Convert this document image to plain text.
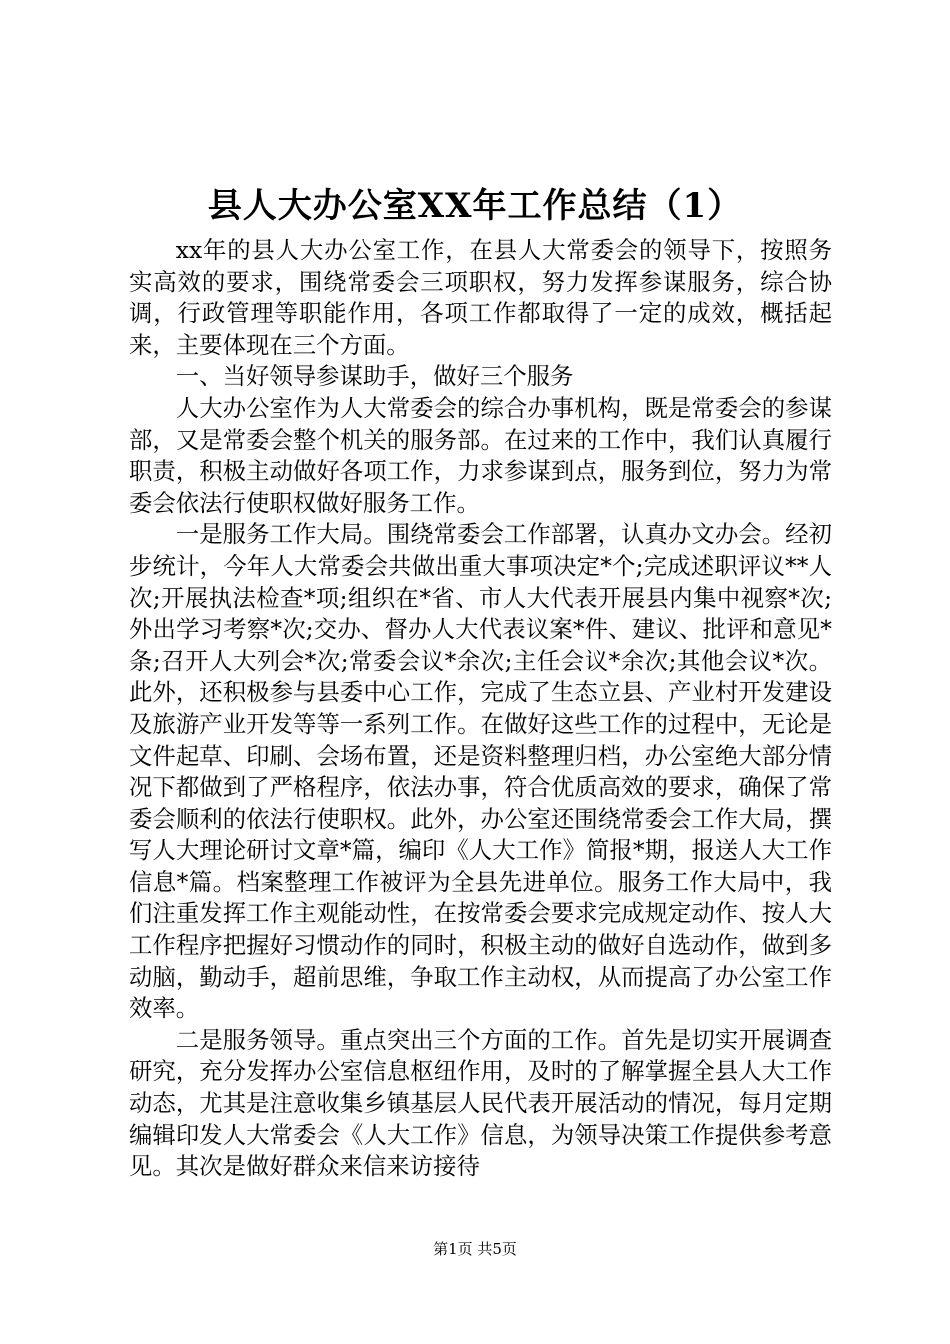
县人大办公室XX年工作总结（1）

xx年的县人大办公室工作，在县人大常委会的领导下，按照务实高效的要求，围绕常委会三项职权，努力发挥参谋服务，综合协调，行政管理等职能作用，各项工作都取得了一定的成效，概括起来，主要体现在三个方面。

一、当好领导参谋助手，做好三个服务

人大办公室作为人大常委会的综合办事机构，既是常委会的参谋部，又是常委会整个机关的服务部。在过来的工作中，我们认真履行职责，积极主动做好各项工作，力求参谋到点，服务到位，努力为常委会依法行使职权做好服务工作。

一是服务工作大局。围绕常委会工作部署，认真办文办会。经初步统计，今年人大常委会共做出重大事项决定*个;完成述职评议**人次;开展执法检查*项;组织在*省、市人大代表开展县内集中视察*次;外出学习考察*次;交办、督办人大代表议案*件、建议、批评和意见*条;召开人大列会*次;常委会议*余次;主任会议*余次;其他会议*次。此外，还积极参与县委中心工作，完成了生态立县、产业村开发建设及旅游产业开发等等一系列工作。在做好这些工作的过程中，无论是文件起草、印刷、会场布置，还是资料整理归档，办公室绝大部分情况下都做到了严格程序，依法办事，符合优质高效的要求，确保了常委会顺利的依法行使职权。此外，办公室还围绕常委会工作大局，撰写人大理论研讨文章*篇，编印《人大工作》简报*期，报送人大工作信息*篇。档案整理工作被评为全县先进单位。服务工作大局中，我们注重发挥工作主观能动性，在按常委会要求完成规定动作、按人大工作程序把握好习惯动作的同时，积极主动的做好自选动作，做到多动脑，勤动手，超前思维，争取工作主动权，从而提高了办公室工作效率。

二是服务领导。重点突出三个方面的工作。首先是切实开展调查研究，充分发挥办公室信息枢纽作用，及时的了解掌握全县人大工作动态，尤其是注意收集乡镇基层人民代表开展活动的情况，每月定期编辑印发人大常委会《人大工作》信息，为领导决策工作提供参考意见。其次是做好群众来信来访接待

第1页 共5页
